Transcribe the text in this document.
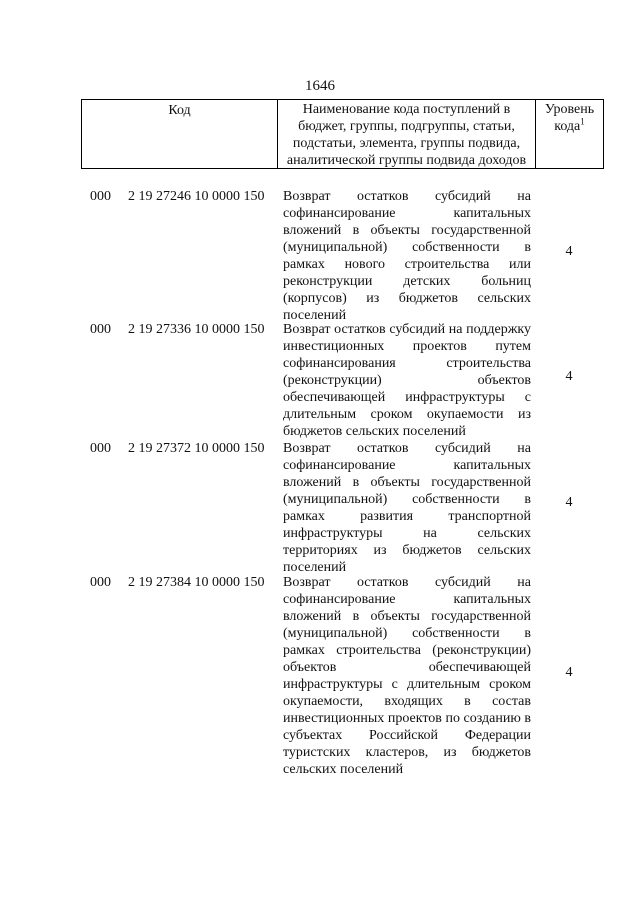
1646
Код	Наименование кода поступлений в бюджет, группы, подгруппы, статьи, подстатьи, элемента, группы подвида, аналитической группы подвида доходов
Уровень кода$^1$
000 2 19 27246 10 0000 150 Возврат остатков субсидий на софинансирование капитальных вложений в объекты государственной (муниципальной) собственности в рамках нового строительства или реконструкции детских больниц (корпусов) из бюджетов сельских поселений
4
000 2 19 27336 10 0000 150 Возврат остатков субсидий на поддержку инвестиционных проектов путем софинансирования строительства (реконструкции) объектов обеспечивающей инфраструктуры с длительным сроком окупаемости из бюджетов сельских поселений
4
000 2 19 27372 10 0000 150 Возврат остатков субсидий на софинансирование капитальных вложений в объекты государственной (муниципальной) собственности в рамках развития транспортной инфраструктуры на сельских территориях из бюджетов сельских поселений
4
000 2 19 27384 10 0000 150 Возврат остатков субсидий на софинансирование капитальных вложений в объекты государственной (муниципальной) собственности в рамках строительства (реконструкции) объектов обеспечивающей инфраструктуры с длительным сроком окупаемости, входящих в состав инвестиционных проектов по созданию в субъектах Российской Федерации туристских кластеров, из бюджетов сельских поселений
4
